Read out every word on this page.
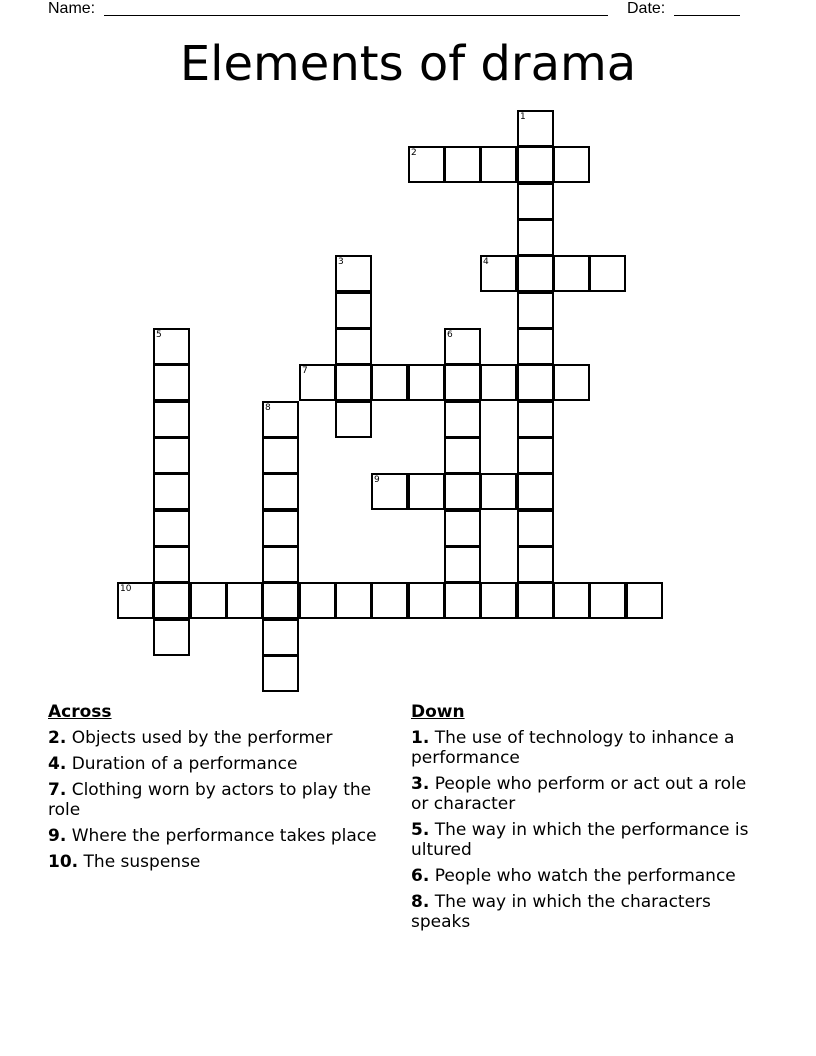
Name:	Date:
Elements of drama
1
2
3	4
5	6
7
8
9
10
Across
2. Objects used by the performer
4. Duration of a performance
7. Clothing worn by actors to play the role
9. Where the performance takes place
10. The suspense
Down
1. The use of technology to inhance a performance
3. People who perform or act out a role or character
5. The way in which the performance is ultured
6. People who watch the performance
8. The way in which the characters speaks
